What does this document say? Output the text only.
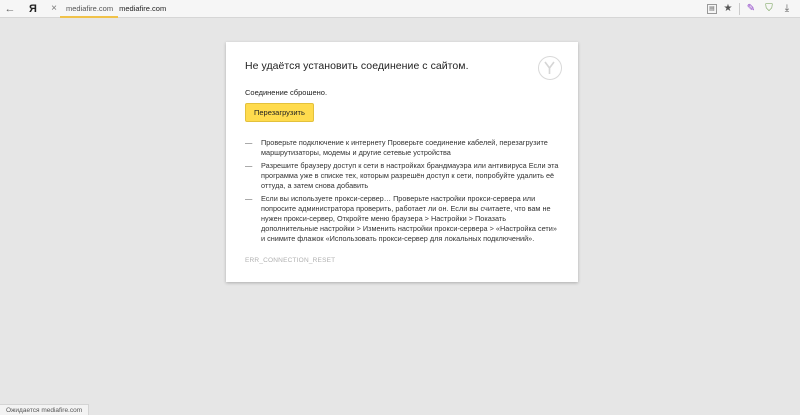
←	Я	× mediafire.com mediafire.com	▤ ★ ✎	⛉	⤓
Не удаётся установить соединение с сайтом.
Соединение сброшено.
Перезагрузить
—	Проверьте подключение к интернету Проверьте соединение кабелей, перезагрузите маршрутизаторы, модемы и другие сетевые устройства
—	Разрешите браузеру доступ к сети в настройках брандмауэра или антивируса Если эта программа уже в списке тех, которым разрешён доступ к сети, попробуйте удалить её оттуда, а затем снова добавить
—	Если вы используете прокси-сервер… Проверьте настройки прокси-сервера или попросите администратора проверить, работает ли он. Если вы считаете, что вам не нужен прокси-сервер, Откройте меню браузера > Настройки > Показать дополнительные настройки > Изменить настройки прокси-сервера > «Настройка сети» и снимите флажок «Использовать прокси-сервер для локальных подключений».
ERR_CONNECTION_RESET
Ожидается mediafire.com
